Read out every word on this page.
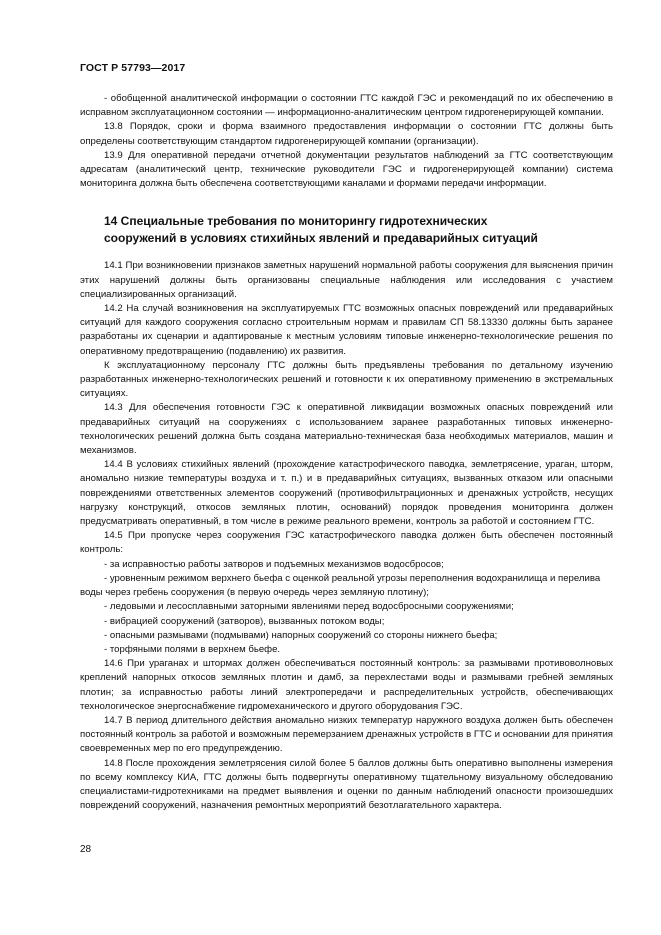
ГОСТ Р 57793—2017

- обобщенной аналитической информации о состоянии ГТС каждой ГЭС и рекомендаций по их обеспечению в исправном эксплуатационном состоянии — информационно-аналитическим центром гидрогенерирующей компании.

13.8 Порядок, сроки и форма взаимного предоставления информации о состоянии ГТС должны быть определены соответствующим стандартом гидрогенерирующей компании (организации).

13.9 Для оперативной передачи отчетной документации результатов наблюдений за ГТС соответствующим адресатам (аналитический центр, технические руководители ГЭС и гидрогенерирующей компании) система мониторинга должна быть обеспечена соответствующими каналами и формами передачи информации.

14 Специальные требования по мониторингу гидротехнических
сооружений в условиях стихийных явлений и предаварийных ситуаций

14.1 При возникновении признаков заметных нарушений нормальной работы сооружения для выяснения причин этих нарушений должны быть организованы специальные наблюдения или исследования с участием специализированных организаций.

14.2 На случай возникновения на эксплуатируемых ГТС возможных опасных повреждений или предаварийных ситуаций для каждого сооружения согласно строительным нормам и правилам СП 58.13330 должны быть заранее разработаны их сценарии и адаптированые к местным условиям типовые инженерно-технологические решения по оперативному предотвращению (подавлению) их развития.

К эксплуатационному персоналу ГТС должны быть предъявлены требования по детальному изучению разработанных инженерно-технологических решений и готовности к их оперативному применению в экстремальных ситуациях.

14.3 Для обеспечения готовности ГЭС к оперативной ликвидации возможных опасных повреждений или предаварийных ситуаций на сооружениях с использованием заранее разработанных типовых инженерно-технологических решений должна быть создана материально-техническая база необходимых материалов, машин и механизмов.

14.4 В условиях стихийных явлений (прохождение катастрофического паводка, землетрясение, ураган, шторм, аномально низкие температуры воздуха и т. п.) и в предаварийных ситуациях, вызванных отказом или опасными повреждениями ответственных элементов сооружений (противофильтрационных и дренажных устройств, несущих нагрузку конструкций, откосов земляных плотин, оснований) порядок проведения мониторинга должен предусматривать оперативный, в том числе в режиме реального времени, контроль за работой и состоянием ГТС.

14.5 При пропуске через сооружения ГЭС катастрофического паводка должен быть обеспечен постоянный контроль:

- за исправностью работы затворов и подъемных механизмов водосбросов;

- уровненным режимом верхнего бьефа с оценкой реальной угрозы переполнения водохранилища и перелива воды через гребень сооружения (в первую очередь через земляную плотину);

- ледовыми и лесосплавными заторными явлениями перед водосбросными сооружениями;

- вибрацией сооружений (затворов), вызванных потоком воды;

- опасными размывами (подмывами) напорных сооружений со стороны нижнего бьефа;

- торфяными полями в верхнем бьефе.

14.6 При ураганах и штормах должен обеспечиваться постоянный контроль: за размывами противоволновых креплений напорных откосов земляных плотин и дамб, за перехлестами воды и размывами гребней земляных плотин; за исправностью работы линий электропередачи и распределительных устройств, обеспечивающих технологическое энергоснабжение гидромеханического и другого оборудования ГЭС.

14.7 В период длительного действия аномально низких температур наружного воздуха должен быть обеспечен постоянный контроль за работой и возможным перемерзанием дренажных устройств в ГТС и основании для принятия своевременных мер по его предупреждению.

14.8 После прохождения землетрясения силой более 5 баллов должны быть оперативно выполнены измерения по всему комплексу КИА, ГТС должны быть подвергнуты оперативному тщательному визуальному обследованию специалистами-гидротехниками на предмет выявления и оценки по данным наблюдений опасности произошедших повреждений сооружений, назначения ремонтных мероприятий безотлагательного характера.

28
